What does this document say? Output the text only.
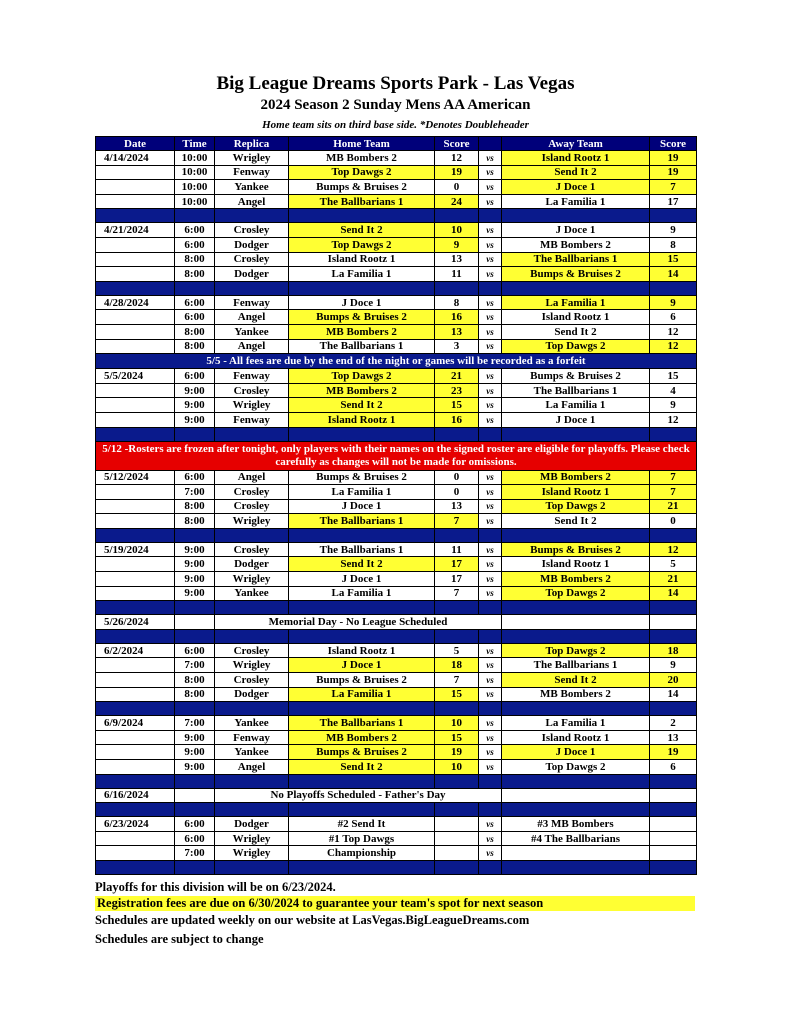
Big League Dreams Sports Park - Las Vegas
2024 Season 2 Sunday Mens AA American
Home team sits on third base side. *Denotes Doubleheader
Date	Time	Replica	Home Team	Score		Away Team	Score
4/14/2024	10:00	Wrigley	MB Bombers 2	12	vs	Island Rootz 1	19
	10:00	Fenway	Top Dawgs 2	19	vs	Send It 2	19
	10:00	Yankee	Bumps & Bruises 2	0	vs	J Doce 1	7
	10:00	Angel	The Ballbarians 1	24	vs	La Familia 1	17

4/21/2024	6:00	Crosley	Send It 2	10	vs	J Doce 1	9
	6:00	Dodger	Top Dawgs 2	9	vs	MB Bombers 2	8
	8:00	Crosley	Island Rootz 1	13	vs	The Ballbarians 1	15
	8:00	Dodger	La Familia 1	11	vs	Bumps & Bruises 2	14

4/28/2024	6:00	Fenway	J Doce 1	8	vs	La Familia 1	9
	6:00	Angel	Bumps & Bruises 2	16	vs	Island Rootz 1	6
	8:00	Yankee	MB Bombers 2	13	vs	Send It 2	12
	8:00	Angel	The Ballbarians 1	3	vs	Top Dawgs 2	12
5/5 - All fees are due by the end of the night or games will be recorded as a forfeit							
5/5/2024	6:00	Fenway	Top Dawgs 2	21	vs	Bumps & Bruises 2	15
	9:00	Crosley	MB Bombers 2	23	vs	The Ballbarians 1	4
	9:00	Wrigley	Send It 2	15	vs	La Familia 1	9
	9:00	Fenway	Island Rootz 1	16	vs	J Doce 1	12

5/12 -Rosters are frozen after tonight, only players with their names on the signed roster are eligible for playoffs. Please check carefully as changes will not be made for omissions.							
5/12/2024	6:00	Angel	Bumps & Bruises 2	0	vs	MB Bombers 2	7
	7:00	Crosley	La Familia 1	0	vs	Island Rootz 1	7
	8:00	Crosley	J Doce 1	13	vs	Top Dawgs 2	21
	8:00	Wrigley	The Ballbarians 1	7	vs	Send It 2	0

5/19/2024	9:00	Crosley	The Ballbarians 1	11	vs	Bumps & Bruises 2	12
	9:00	Dodger	Send It 2	17	vs	Island Rootz 1	5
	9:00	Wrigley	J Doce 1	17	vs	MB Bombers 2	21
	9:00	Yankee	La Familia 1	7	vs	Top Dawgs 2	14

5/26/2024		Memorial Day - No League Scheduled					

6/2/2024	6:00	Crosley	Island Rootz 1	5	vs	Top Dawgs 2	18
	7:00	Wrigley	J Doce 1	18	vs	The Ballbarians 1	9
	8:00	Crosley	Bumps & Bruises 2	7	vs	Send It 2	20
	8:00	Dodger	La Familia 1	15	vs	MB Bombers 2	14

6/9/2024	7:00	Yankee	The Ballbarians 1	10	vs	La Familia 1	2
	9:00	Fenway	MB Bombers 2	15	vs	Island Rootz 1	13
	9:00	Yankee	Bumps & Bruises 2	19	vs	J Doce 1	19
	9:00	Angel	Send It 2	10	vs	Top Dawgs 2	6

6/16/2024		No Playoffs Scheduled - Father's Day					

6/23/2024	6:00	Dodger	#2 Send It		vs	#3 MB Bombers	
	6:00	Wrigley	#1 Top Dawgs		vs	#4 The Ballbarians	
	7:00	Wrigley	Championship		vs		

Playoffs for this division will be on 6/23/2024.
Registration fees are due on 6/30/2024 to guarantee your team's spot for next season
Schedules are updated weekly on our website at LasVegas.BigLeagueDreams.com
Schedules are subject to change
